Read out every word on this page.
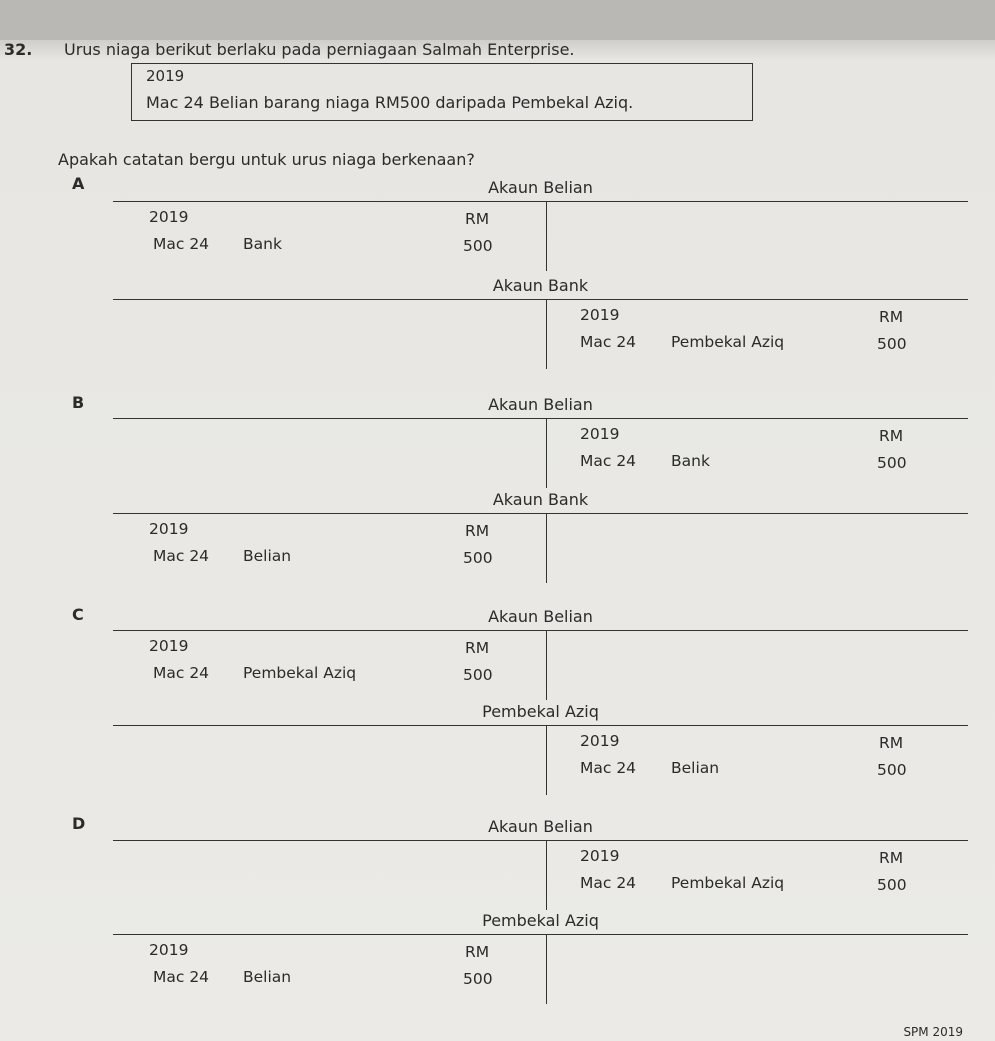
32. Urus niaga berikut berlaku pada perniagaan Salmah Enterprise.
2019
Mac 24 Belian barang niaga RM500 daripada Pembekal Aziq.
Apakah catatan bergu untuk urus niaga berkenaan?
A	Akaun Belian
2019	RM
Mac 24 Bank	500
Akaun Bank
2019	RM
Mac 24 Pembekal Aziq	500
B	Akaun Belian
2019	RM
Mac 24 Bank	500
Akaun Bank
2019	RM
Mac 24 Belian	500
C	Akaun Belian
2019	RM
Mac 24 Pembekal Aziq	500
Pembekal Aziq
2019	RM
Mac 24 Belian	500
D	Akaun Belian
2019	RM
Mac 24 Pembekal Aziq	500
Pembekal Aziq
2019	RM
Mac 24 Belian	500
SPM 2019
